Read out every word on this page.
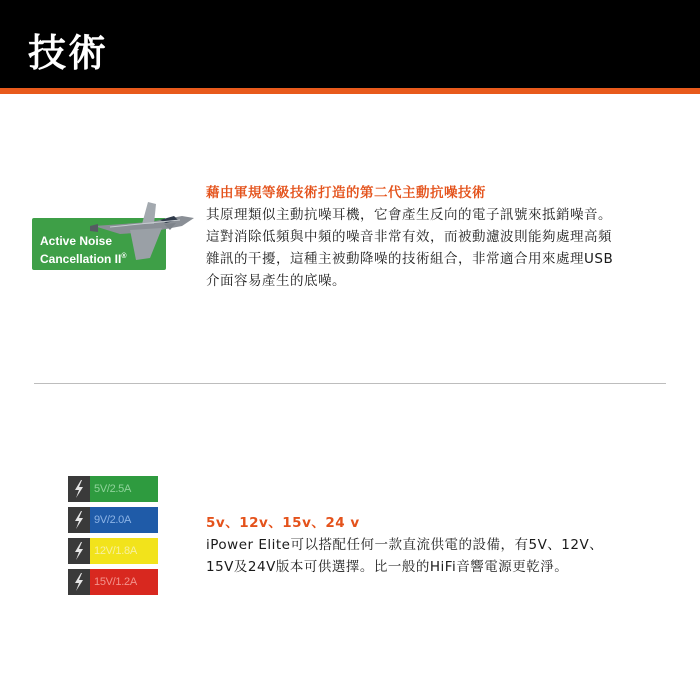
技術
Active Noise
Cancellation II®
藉由軍規等級技術打造的第二代主動抗噪技術
其原理類似主動抗噪耳機，它會產生反向的電子訊號來抵銷噪音。
這對消除低頻與中頻的噪音非常有效，而被動濾波則能夠處理高頻
雜訊的干擾，這種主被動降噪的技術組合，非常適合用來處理USB
介面容易產生的底噪。
5V/2.5A
9V/2.0A
12V/1.8A
15V/1.2A
5v、12v、15v、24 v
iPower Elite可以搭配任何一款直流供電的設備，有5V、12V、
15V及24V版本可供選擇。比一般的HiFi音響電源更乾淨。
